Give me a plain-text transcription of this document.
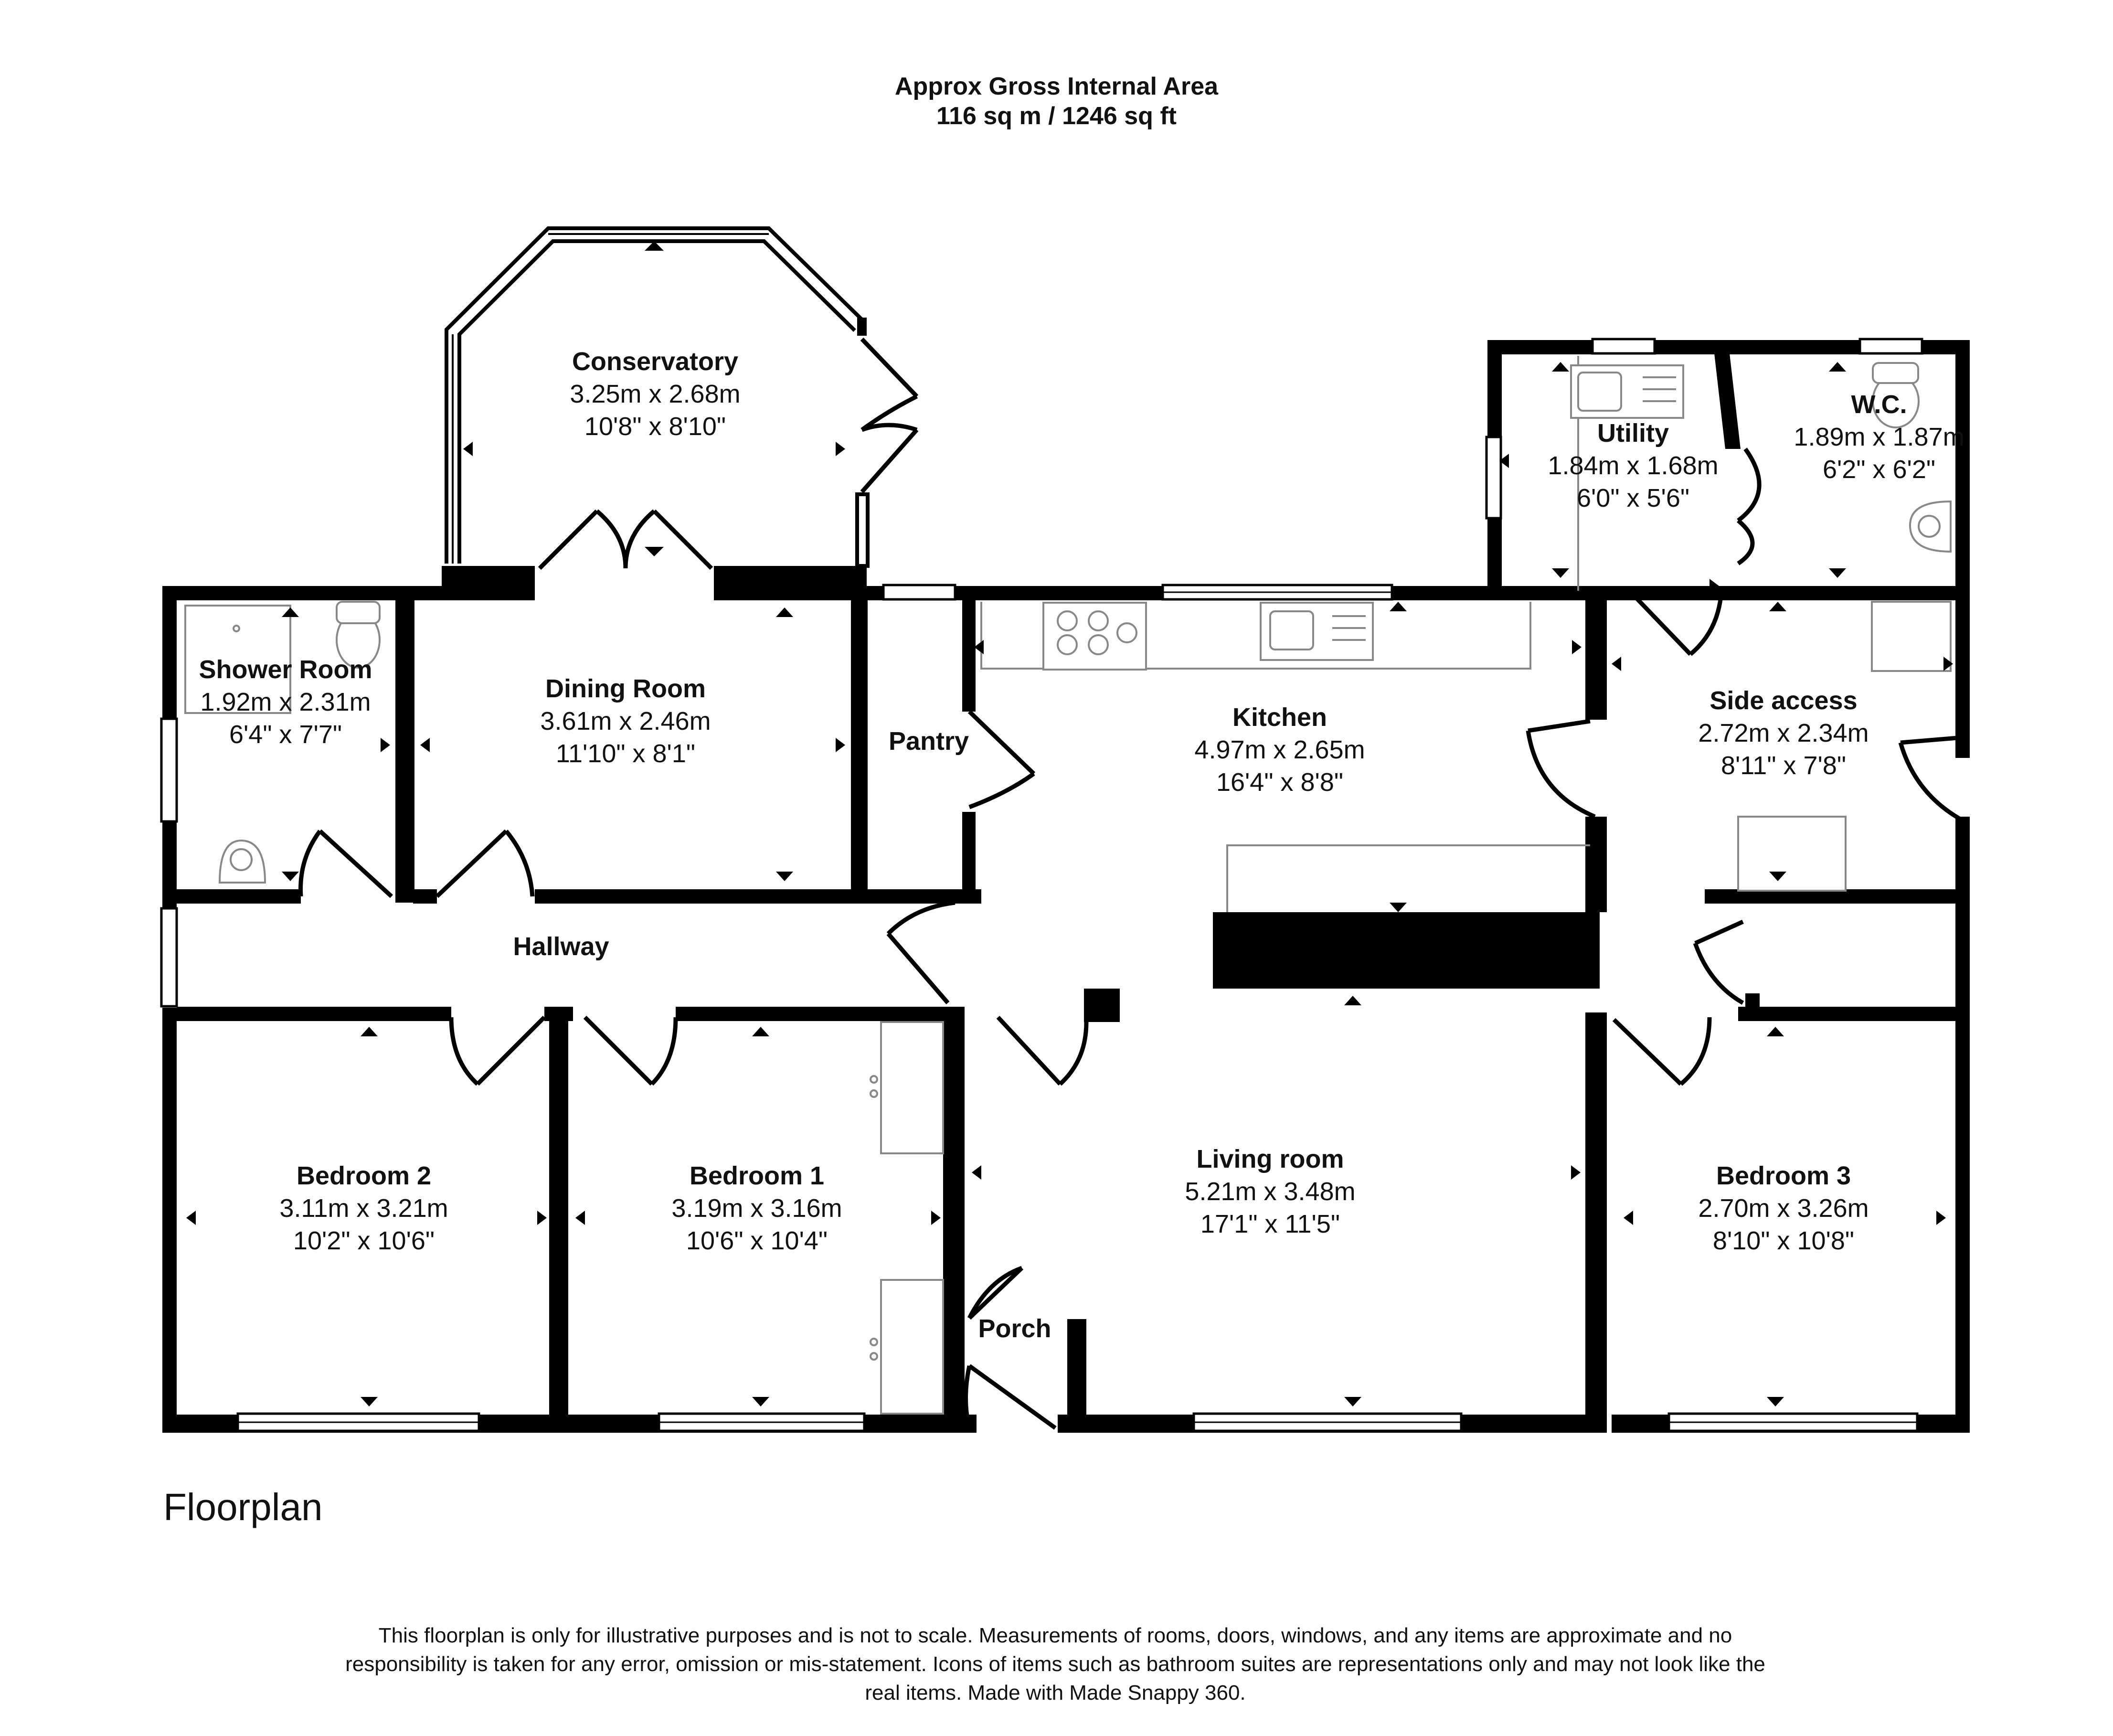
Approx Gross Internal Area
116 sq m / 1246 sq ft
Conservatory
3.25m x 2.68m
10'8" x 8'10"
Shower Room
1.92m x 2.31m
6'4" x 7'7"
Dining Room
3.61m x 2.46m
11'10" x 8'1"	Pantry
Kitchen
4.97m x 2.65m
16'4" x 8'8"
Utility
1.84m x 1.68m
6'0" x 5'6"
W.C.
1.89m x 1.87m
6'2" x 6'2"
Side access
2.72m x 2.34m
8'11" x 7'8"
Hallway
Bedroom 2
3.11m x 3.21m
10'2" x 10'6"
Bedroom 1
3.19m x 3.16m
10'6" x 10'4"
Living room
5.21m x 3.48m
17'1" x 11'5"
Bedroom 3
2.70m x 3.26m
8'10" x 10'8"
Porch
Floorplan
This floorplan is only for illustrative purposes and is not to scale. Measurements of rooms, doors, windows, and any items are approximate and no responsibility is taken for any error, omission or mis-statement. Icons of items such as bathroom suites are representations only and may not look like the real items. Made with Made Snappy 360.
